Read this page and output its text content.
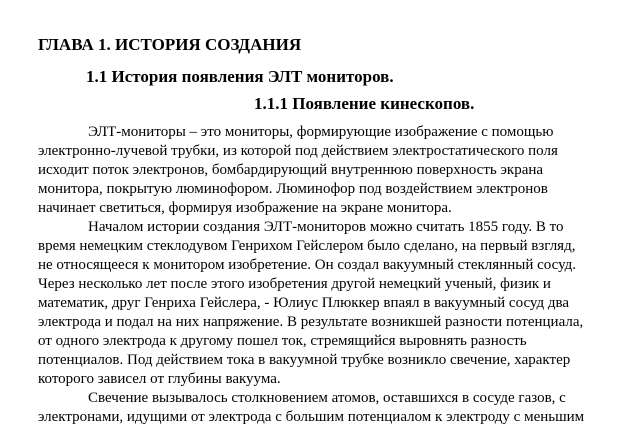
ГЛАВА 1. ИСТОРИЯ СОЗДАНИЯ
1.1 История появления ЭЛТ мониторов.
1.1.1 Появление кинескопов.
ЭЛТ-мониторы – это мониторы, формирующие изображение с помощью
электронно-лучевой трубки, из которой под действием электростатического поля
исходит поток электронов, бомбардирующий внутреннюю поверхность экрана
монитора, покрытую люминофором. Люминофор под воздействием электронов
начинает светиться, формируя изображение на экране монитора.
Началом истории создания ЭЛТ-мониторов можно считать 1855 году. В то
время немецким стеклодувом Генрихом Гейслером было сделано, на первый взгляд,
не относящееся к монитором изобретение. Он создал вакуумный стеклянный сосуд.
Через несколько лет после этого изобретения другой немецкий ученый, физик и
математик, друг Генриха Гейслера, - Юлиус Плюккер впаял в вакуумный сосуд два
электрода и подал на них напряжение. В результате возникшей разности потенциала,
от одного электрода к другому пошел ток, стремящийся выровнять разность
потенциалов. Под действием тока в вакуумной трубке возникло свечение, характер
которого зависел от глубины вакуума.
Свечение вызывалось столкновением атомов, оставшихся в сосуде газов, с
электронами, идущими от электрода с большим потенциалом к электроду с меньшим
